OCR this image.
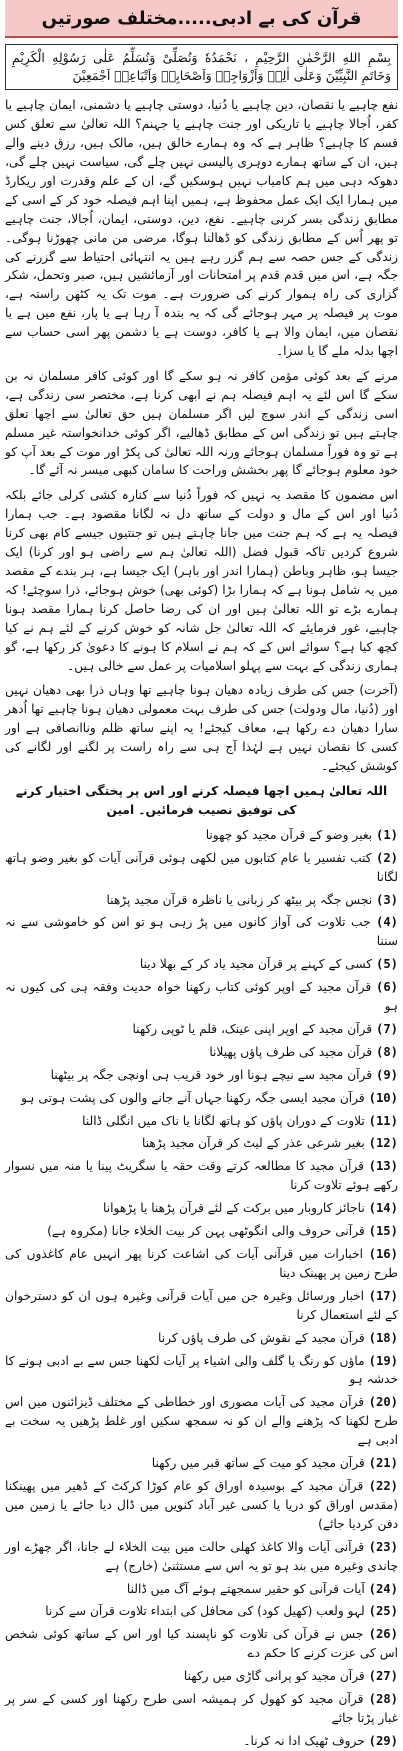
قرآن کی بے ادبی.....مختلف صورتیں
بِسْمِ اللهِ الرَّحْمٰنِ الرَّحِيْمِ ، نَحْمَدُهٗ وَنُصَلِّىْ وَنُسَلِّمُ عَلٰى رَسُوْلِهِ الْكَرِيْمِ وَخَاتَمِ النَّبِيِّيْنَ وَعَلٰى اٰلِهٖ وَاَزْوَاجِهٖ وَاَصْحَابِهٖ وَاَتْبَاعِهٖ اَجْمَعِيْنَ

نفع چاہیے یا نقصان، دین چاہیے یا دُنیا، دوستی چاہیے یا دشمنی، ایمان چاہیے یا کفر، اُجالا چاہیے یا تاریکی اور جنت چاہیے یا جہنم؟ اللہ تعالیٰ سے تعلق کس قسم کا چاہیے؟ ظاہر ہے کہ وہ ہمارے خالق ہیں، مالک ہیں، رزق دینے والے ہیں، ان کے ساتھ ہمارے دوہری پالیسی نہیں چلے گی، سیاست نہیں چلے گی، دھوکہ دہی میں ہم کامیاب نہیں ہوسکیں گے، ان کے علم وقدرت اور ریکارڈ میں ہمارا ایک ایک عمل محفوظ ہے، ہمیں اپنا اہم فیصلہ خود کر کے اسی کے مطابق زندگی بسر کرنی چاہیے۔ نفع، دین، دوستی، ایمان، اُجالا، جنت چاہیے تو پھر اُس کے مطابق زندگی کو ڈھالنا ہوگا، مرضی من مانی چھوڑنا ہوگی۔ زندگی کے جس حصہ سے ہم گزر رہے ہیں یہ انتہائی احتیاط سے گزرنے کی جگہ ہے، اس میں قدم قدم پر امتحانات اور آزمائشیں ہیں، صبر وتحمل، شکر گزاری کی راہ ہموار کرنے کی ضرورت ہے۔ موت تک یہ کٹھن راستہ ہے، موت پر فیصلہ پر مہر ہوجائے گی کہ یہ بندہ آ رہا ہے یا پار، نفع میں ہے یا نقصان میں، ایمان والا ہے یا کافر، دوست ہے یا دشمن پھر اسی حساب سے اچھا بدلہ ملے گا یا سزا۔

مرنے کے بعد کوئی مؤمن کافر نہ ہو سکے گا اور کوئی کافر مسلمان نہ بن سکے گا اس لئے یہ اہم فیصلہ ہم نے ابھی کرنا ہے، مختصر سی زندگی ہے، اسی زندگی کے اندر سوچ لیں اگر مسلمان ہیں حق تعالیٰ سے اچھا تعلق چاہتے ہیں تو زندگی اس کے مطابق ڈھالیے، اگر کوئی خدانخواستہ غیر مسلم ہے تو وہ فوراً مسلمان ہوجائے ورنہ اللہ تعالیٰ کی پکڑ اور موت کے بعد آپ کو خود معلوم ہوجائے گا پھر بخشش وراحت کا سامان کبھی میسر نہ آئے گا۔

اس مضمون کا مقصد یہ نہیں کہ فوراً دُنیا سے کنارہ کشی کرلی جائے بلکہ دُنیا اور اس کے مال و دولت کے ساتھ دل نہ لگانا مقصود ہے۔ جب ہمارا فیصلہ یہ ہے کہ ہم جنت میں جانا چاہتے ہیں تو جنتیوں جیسے کام بھی کرنا شروع کردیں تاکہ قبول فضل (اللہ تعالیٰ ہم سے راضی ہو اور کرنا) ایک جیسا ہو، ظاہر وباطن (ہمارا اندر اور باہر) ایک جیسا ہے، ہر بندے کے مقصد میں یہ شامل ہونا ہے کہ ہمارا بڑا (کوئی بھی) خوش ہوجائے، ذرا سوچئے! کہ ہمارے بڑے تو اللہ تعالیٰ ہیں اور ان کی رضا حاصل کرنا ہمارا مقصد ہونا چاہیے، غور فرمایئے کہ اللہ تعالیٰ جل شانہ کو خوش کرنے کے لئے ہم نے کیا کچھ کیا ہے؟ سوائے اس کے کہ ہم نے اسلام کا ہونے کا دعویٰ کر رکھا ہے، گو ہماری زندگی کے بہت سے پہلو اسلامیات پر عمل سے خالی ہیں۔

(آخرت) جس کی طرف زیادہ دھیان ہونا چاہیے تھا وہاں ذرا بھی دھیان نہیں اور (دُنیا، مال ودولت) جس کی طرف بہت معمولی دھیان ہونا چاہیے تھا اُدھر سارا دھیان دے رکھا ہے، معاف کیجئے! یہ اپنے ساتھ ظلم وناانصافی ہے اور کسی کا نقصان نہیں ہے لہٰذا آج ہی سے راہ راست پر لگنے اور لگانے کی کوشش کیجئے۔

اللہ تعالیٰ ہمیں اچھا فیصلہ کرنے اور اس پر پختگی اختیار کرنے کی توفیق نصیب فرمائیں۔ امین

(1) بغیر وضو کے قرآن مجید کو چھونا
(2) کتب تفسیر یا عام کتابوں میں لکھی ہوئی قرآنی آیات کو بغیر وضو ہاتھ لگانا
(3) نجس جگہ پر بیٹھ کر زبانی یا ناظرہ قرآن مجید پڑھنا
(4) جب تلاوت کی آواز کانوں میں پڑ رہی ہو تو اس کو خاموشی سے نہ سننا
(5) کسی کے کہنے پر قرآن مجید یاد کر کے بھلا دینا
(6) قرآن مجید کے اوپر کوئی کتاب رکھنا خواہ حدیث وفقہ ہی کی کیوں نہ ہو
(7) قرآن مجید کے اوپر اپنی عینک، قلم یا ٹوپی رکھنا
(8) قرآن مجید کی طرف پاؤں پھیلانا
(9) قرآن مجید سے نیچے ہونا اور خود قریب ہی اونچی جگہ پر بیٹھنا
(10) قرآن مجید ایسی جگہ رکھنا جہاں آنے جانے والوں کی پشت ہوتی ہو
(11) تلاوت کے دوران پاؤں کو ہاتھ لگانا یا ناک میں انگلی ڈالنا
(12) بغیر شرعی عذر کے لیٹ کر قرآن مجید پڑھنا
(13) قرآن مجید کا مطالعہ کرتے وقت حقہ یا سگریٹ پینا یا منہ میں نسوار رکھے ہوئے تلاوت کرنا
(14) ناجائز کاروبار میں برکت کے لئے قرآن پڑھنا یا پڑھوانا
(15) قرآنی حروف والی انگوٹھی پہن کر بیت الخلاء جانا (مکروہ ہے)
(16) اخبارات میں قرآنی آیات کی اشاعت کرنا پھر انہیں عام کاغذوں کی طرح زمین پر پھینک دینا
(17) اخبار ورسائل وغیرہ جن میں آیات قرآنی وغیرہ ہوں ان کو دسترخوان کے لئے استعمال کرنا
(18) قرآن مجید کے نقوش کی طرف پاؤں کرنا
(19) ماؤں کو رنگ یا گلف والی اشیاء پر آیات لکھنا جس سے بے ادبی ہونے کا خدشہ ہو
(20) قرآن مجید کی آیات مصوری اور خطاطی کے مختلف ڈیزائنوں میں اس طرح لکھنا کہ پڑھنے والے ان کو نہ سمجھ سکیں اور غلط پڑھیں یہ سخت بے ادبی ہے
(21) قرآن مجید کو میت کے ساتھ قبر میں رکھنا
(22) قرآن مجید کے بوسیدہ اوراق کو عام کوڑا کرکٹ کے ڈھیر میں پھینکنا (مقدس اوراق کو دریا یا کسی غیر آباد کنویں میں ڈال دیا جائے یا زمین میں دفن کردیا جائے)
(23) قرآنی آیات والا کاغذ کھلی حالت میں بیت الخلاء لے جانا، اگر چھڑے اور چاندی وغیرہ میں بند ہو تو یہ اس سے مستثنیٰ (خارج) ہے
(24) آیات قرآنی کو حقیر سمجھتے ہوئے آگ میں ڈالنا
(25) لہو ولعب (کھیل کود) کی محافل کی ابتداء تلاوت قرآن سے کرنا
(26) جس نے قرآن کی تلاوت کو ناپسند کیا اور اس کے ساتھ کوئی شخص اس کی عزت کرنے کا حکم دے
(27) قرآن مجید کو پرانی گاڑی میں رکھنا
(28) قرآن مجید کو کھول کر ہمیشہ اسی طرح رکھنا اور کسی کے سر پر غبار پڑتا جائے
(29) حروف ٹھیک ادا نہ کرنا۔
